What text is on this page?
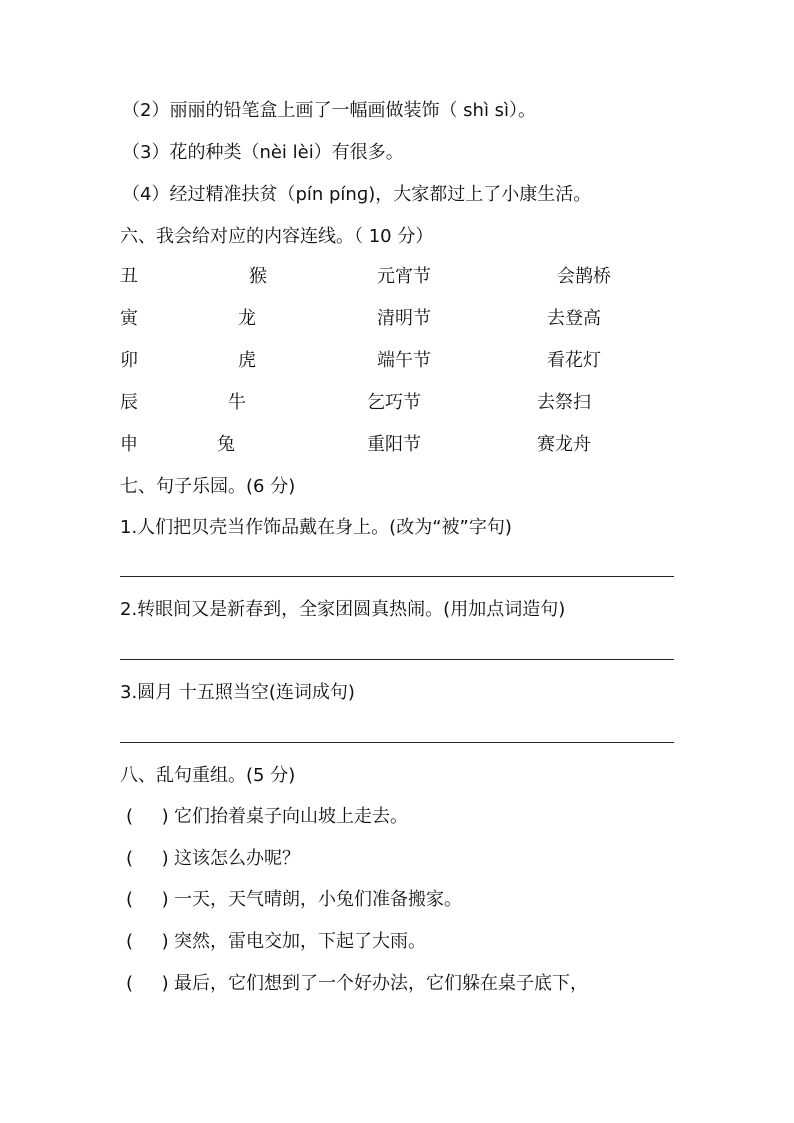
（2）丽丽的铅笔盒上画了一幅画做装饰（ shì sì）。
（3）花的种类（nèi lèi）有很多。
（4）经过精准扶贫（pín pínɡ)，大家都过上了小康生活。
六、我会给对应的内容连线。（ 10 分）
丑	猴	元宵节	会鹊桥
寅	龙	清明节	去登高
卯	虎	端午节	看花灯
辰	牛	乞巧节	去祭扫
申	兔	重阳节	赛龙舟
七、句子乐园。(6 分)
1.人们把贝壳当作饰品戴在身上。(改为“被”字句)
2.转眼间又是新春到，全家团圆真热闹。(用加点词造句)
3.圆月 十五照当空(连词成句)
八、乱句重组。(5 分)
(     ) 它们抬着桌子向山坡上走去。
(     ) 这该怎么办呢？
(     ) 一天，天气晴朗，小兔们准备搬家。
(     ) 突然，雷电交加，下起了大雨。
(     ) 最后，它们想到了一个好办法，它们躲在桌子底下，
